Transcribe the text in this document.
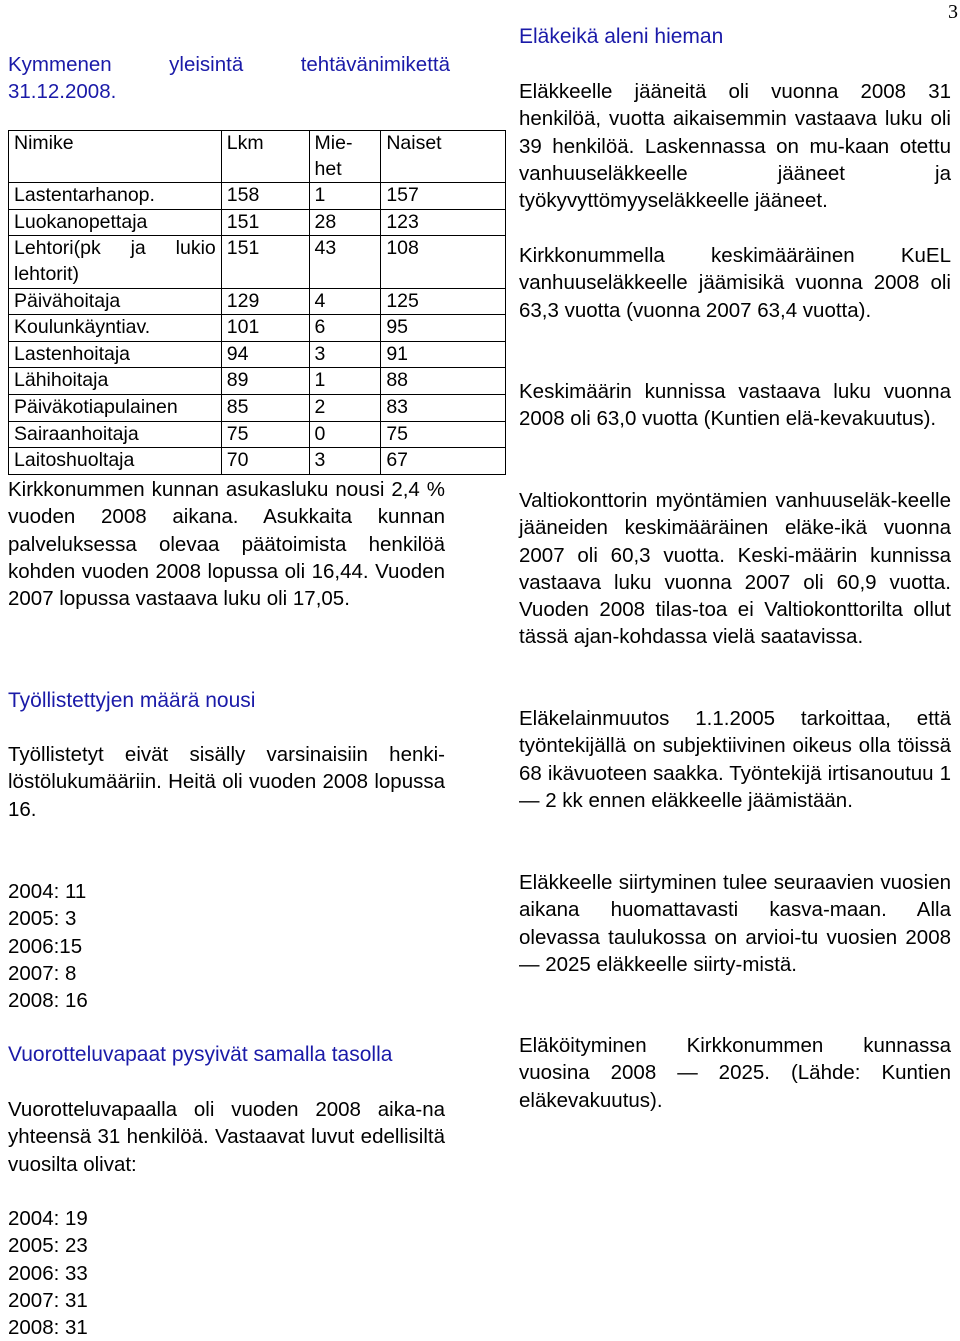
3

Kymmenen yleisintä tehtävänimikettä 31.12.2008.

Nimike	Lkm	Mie-het	Naiset
Lastentarhanop.	158	1	157
Luokanopettaja	151	28	123
Lehtori(pk ja lukio lehtorit)	151	43	108
Päivähoitaja	129	4	125
Koulunkäyntiav.	101	6	95
Lastenhoitaja	94	3	91
Lähihoitaja	89	1	88
Päiväkotiapulainen	85	2	83
Sairaanhoitaja	75	0	75
Laitoshuoltaja	70	3	67

Kirkkonummen kunnan asukasluku nousi 2,4 % vuoden 2008 aikana. Asukkaita kunnan palveluksessa olevaa päätoimista henkilöä kohden vuoden 2008 lopussa oli 16,44. Vuoden 2007 lopussa vastaava luku oli 17,05.

Työllistettyjen määrä nousi

Työllistetyt eivät sisälly varsinaisiin henki-löstölukumääriin. Heitä oli vuoden 2008 lopussa 16.

2004: 11
2005: 3
2006:15
2007: 8
2008: 16
Vuorotteluvapaat pysyivät samalla tasolla

Vuorotteluvapaalla oli vuoden 2008 aika-na yhteensä 31 henkilöä. Vastaavat luvut edellisiltä vuosilta olivat:

2004: 19
2005: 23
2006: 33
2007: 31
2008: 31
Eläkeikä aleni hieman

Eläkkeelle jääneitä oli vuonna 2008 31 henkilöä, vuotta aikaisemmin vastaava luku oli 39 henkilöä. Laskennassa on mu-kaan otettu vanhuuseläkkeelle jääneet ja työkyvyttömyyseläkkeelle jääneet.

Kirkkonummella keskimääräinen KuEL vanhuuseläkkeelle jäämisikä vuonna 2008 oli 63,3 vuotta (vuonna 2007 63,4 vuotta).

Keskimäärin kunnissa vastaava luku vuonna 2008 oli 63,0 vuotta (Kuntien elä-kevakuutus).

Valtiokonttorin myöntämien vanhuuseläk-keelle jääneiden keskimääräinen eläke-ikä vuonna 2007 oli 60,3 vuotta. Keski-määrin kunnissa vastaava luku vuonna 2007 oli 60,9 vuotta. Vuoden 2008 tilas-toa ei Valtiokonttorilta ollut tässä ajan-kohdassa vielä saatavissa.

Eläkelainmuutos 1.1.2005 tarkoittaa, että työntekijällä on subjektiivinen oikeus olla töissä 68 ikävuoteen saakka. Työntekijä irtisanoutuu 1 — 2 kk ennen eläkkeelle jäämistään.

Eläkkeelle siirtyminen tulee seuraavien vuosien aikana huomattavasti kasva-maan. Alla olevassa taulukossa on arvioi-tu vuosien 2008 — 2025 eläkkeelle siirty-mistä.

Eläköityminen Kirkkonummen kunnassa vuosina 2008 — 2025. (Lähde: Kuntien eläkevakuutus).
